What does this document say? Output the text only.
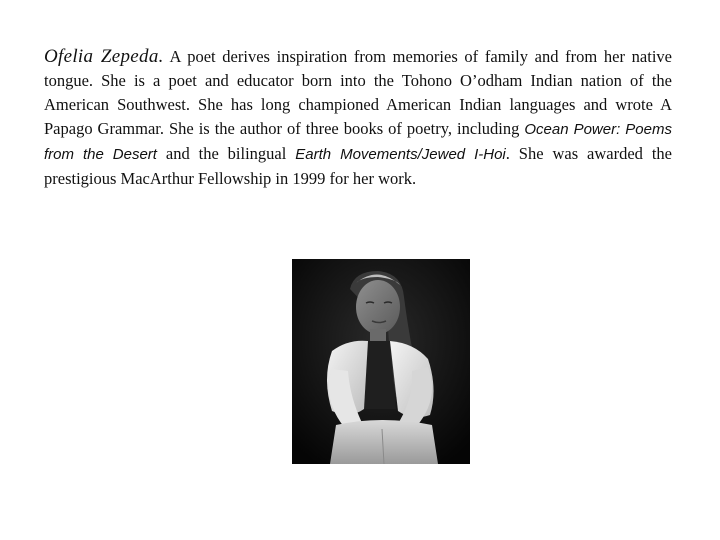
Ofelia Zepeda. A poet derives inspiration from memories of family and from her native tongue. She is a poet and educator born into the Tohono O’odham Indian nation of the American Southwest. She has long championed American Indian languages and wrote A Papago Grammar. She is the author of three books of poetry, including Ocean Power: Poems from the Desert and the bilingual Earth Movements/Jewed I-Hoi. She was awarded the prestigious MacArthur Fellowship in 1999 for her work.
